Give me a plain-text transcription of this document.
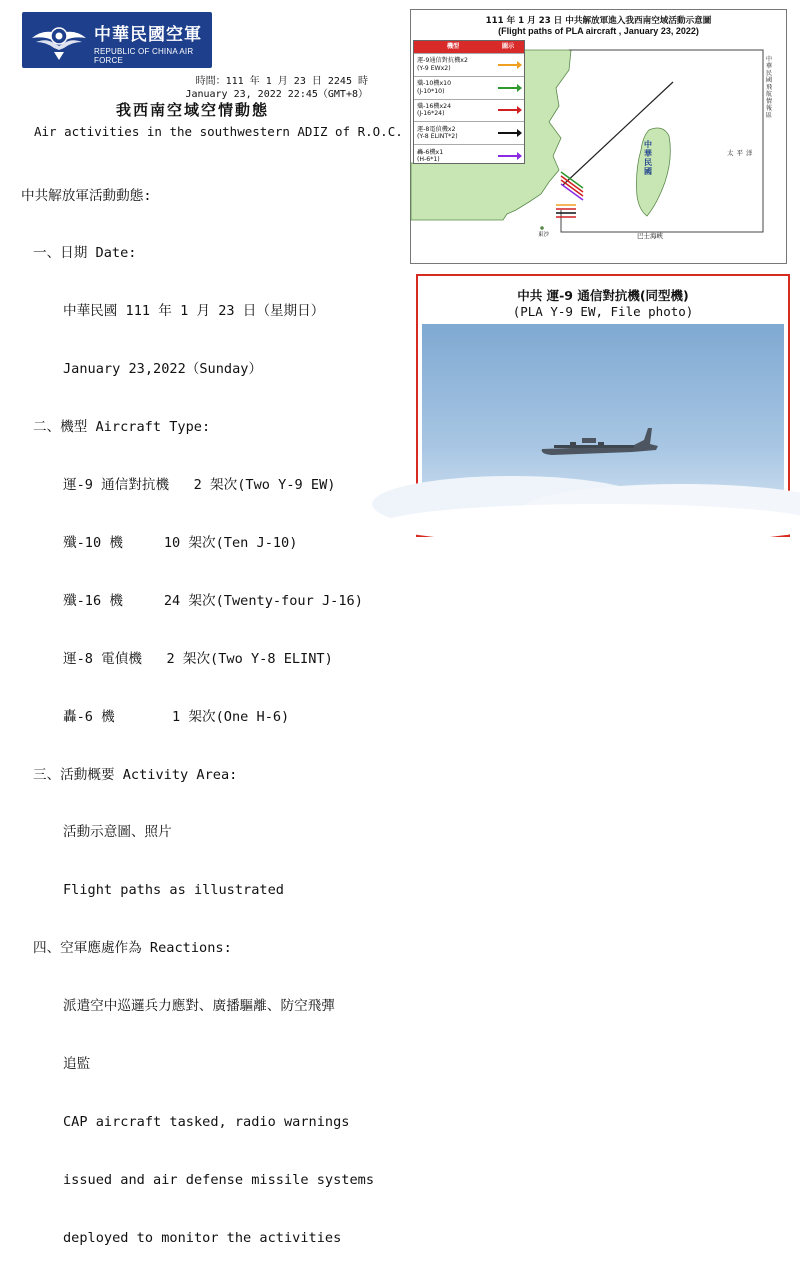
中華民國空軍
REPUBLIC OF CHINA AIR FORCE
時間：111 年 1 月 23 日 2245 時
January 23, 2022 22:45（GMT+8）
我西南空域空情動態
Air activities in the southwestern ADIZ of R.O.C.

中共解放軍活動動態:

一、日期 Date:

中華民國 111 年 1 月 23 日（星期日）

January 23,2022（Sunday）

二、機型 Aircraft Type:

運-9 通信對抗機   2 架次(Two Y-9 EW)

殲-10 機     10 架次(Ten J-10)

殲-16 機     24 架次(Twenty-four J-16)

運-8 電偵機   2 架次(Two Y-8 ELINT)

轟-6 機       1 架次(One H-6)

三、活動概要 Activity Area:

活動示意圖、照片

Flight paths as illustrated

四、空軍應處作為 Reactions:

派遣空中巡邏兵力應對、廣播驅離、防空飛彈

追監

CAP aircraft tasked, radio warnings

issued and air defense missile systems

deployed to monitor the activities

111 年 1 月 23 日 中共解放軍進入我西南空域活動示意圖
(Flight paths of PLA aircraft , January 23, 2022)
機型	圖示
運-9通信對抗機x2
(Y-9 EWx2)
殲-10機x10
(J-10*10)
殲-16機x24
(J-16*24)
運-8電偵機x2
(Y-8 ELINT*2)
轟-6機x1
(H-6*1)
中華民國
太平洋
巴士海峽
中華民國飛航情報區
東沙
中共 運-9 通信對抗機(同型機)
(PLA Y-9 EW, File photo)
